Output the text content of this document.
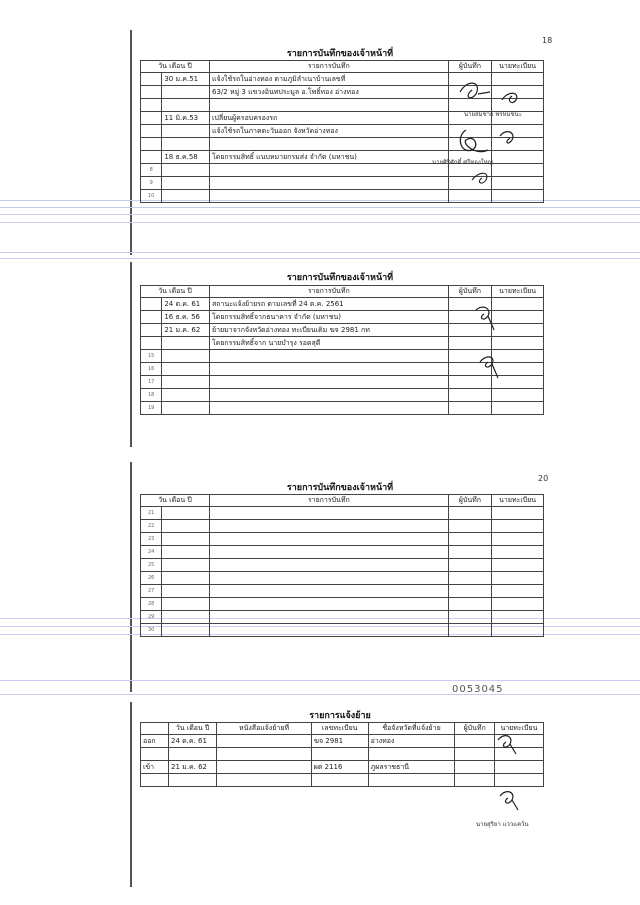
18
รายการบันทึกของเจ้าหน้าที่
วัน เดือน ปี		รายการบันทึก	ผู้บันทึก	นายทะเบียน
	30 ม.ค.51	แจ้งใช้รถในอ่างทอง ตามภูมิลำเนาบ้านเลขที่		
		63/2 หมู่ 3 แขวงอินทประมูล อ.โพธิ์ทอง อ่างทอง		

	11 มิ.ค.53	เปลี่ยนผู้ครอบครองรถ		
		แจ้งใช้รถในภาคตะวันออก จังหวัดอ่างทอง		

	18 ธ.ค.58	โดยกรรมสิทธิ์ แนบหมายกรมส่ง จำกัด (มหาชน)		
8				
9				
10				
รายการบันทึกของเจ้าหน้าที่
วัน เดือน ปี		รายการบันทึก	ผู้บันทึก	นายทะเบียน
	24 ต.ค. 61	สถานะแจ้งย้ายรถ ตามเลขที่ 24 ต.ค. 2561		
	16 ธ.ค. 56	โดยกรรมสิทธิ์จากธนาคาร จำกัด (มหาชน)		
	21 ม.ค. 62	ย้ายมาจากจังหวัดอ่างทอง ทะเบียนเดิม ฆจ 2981 กท		
		โดยกรรมสิทธิ์จาก นายบำรุง รอดสุดี		
15				
16				
17				
18				
19				
20
รายการบันทึกของเจ้าหน้าที่
วัน เดือน ปี		รายการบันทึก	ผู้บันทึก	นายทะเบียน
21				
22				
23				
24				
25				
26				
27				
28				
29				
30				
0053045
รายการแจ้งย้าย
	วัน เดือน ปี	หนังสือแจ้งย้ายที่	เลขทะเบียน	ชื่อจังหวัดที่แจ้งย้าย	ผู้บันทึก	นายทะเบียน
ออก	24 ต.ค. 61		ฆจ 2981	อ่างทอง		

เข้า	21 ม.ค. 62		ผต 2116	ภูผลราชธานี		

นายสมชาย พรหมชนะ
นายศิริศักดิ์ ศรีทองใหญ่
นายสุริยา แววแคว้น
